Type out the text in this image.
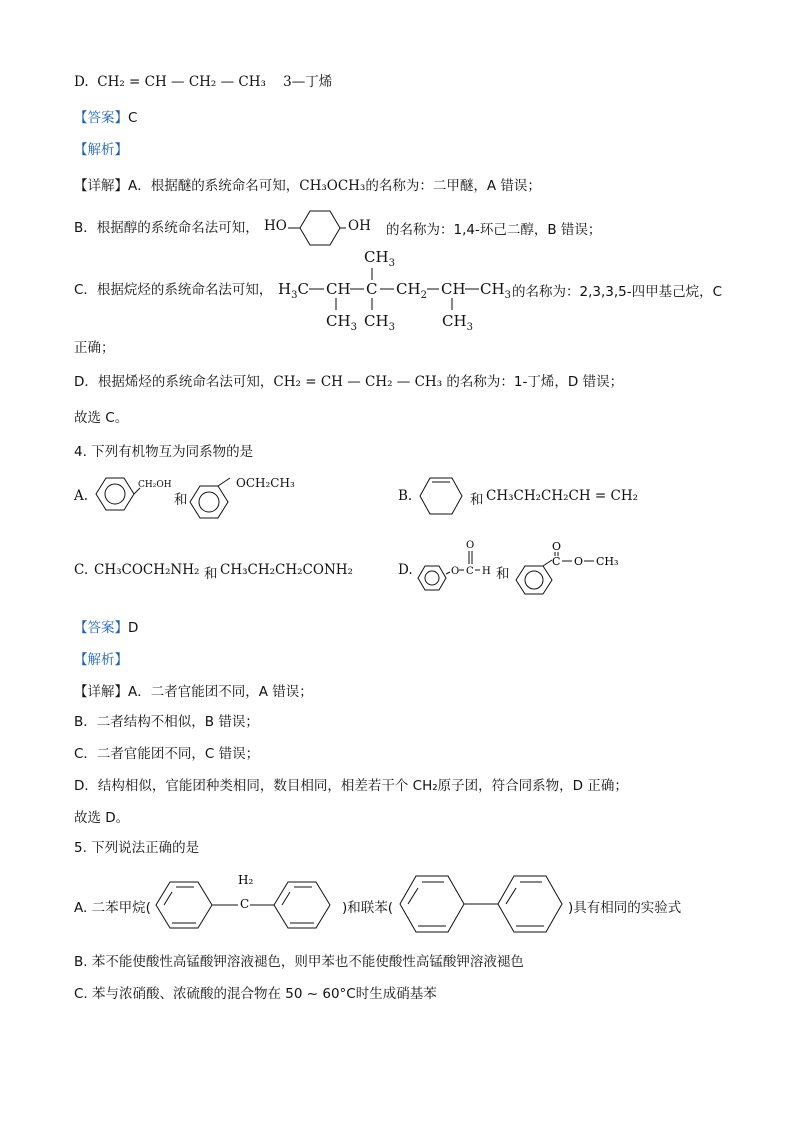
D. CH₂ = CH — CH₂ — CH₃ 3—丁烯
【答案】C
【解析】
【详解】A．根据醚的系统命名可知，CH₃OCH₃的名称为：二甲醚，A 错误；
B．根据醇的系统命名法可知， HO	OH 的名称为：1,4-环己二醇，B 错误；
C．根据烷烃的系统命名法可知， $H_3C$ CH C $CH_2$ CH $CH_3$
$CH_3$
$CH_3$ $CH_3$	$CH_3$
的名称为：2,3,3,5-四甲基己烷，C
正确；
D．根据烯烃的系统命名法可知，CH₂ = CH — CH₂ — CH₃ 的名称为：1-丁烯，D 错误；
故选 C。
4. 下列有机物互为同系物的是
A.
CH₂OH
和
OCH₂CH₃
B.	和 CH₃CH₂CH₂CH = CH₂
C. CH₃COCH₂NH₂ 和 CH₃CH₂CH₂CONH₂	D.	O C
O
H 和
C
O
O CH₃
【答案】D
【解析】
【详解】A．二者官能团不同，A 错误；
B．二者结构不相似，B 错误；
C．二者官能团不同，C 错误；
D．结构相似，官能团种类相同，数目相同，相差若干个 CH₂原子团，符合同系物，D 正确；
故选 D。
5. 下列说法正确的是
A. 二苯甲烷(
H₂
C	)和联苯(	)具有相同的实验式
B. 苯不能使酸性高锰酸钾溶液褪色，则甲苯也不能使酸性高锰酸钾溶液褪色
C. 苯与浓硝酸、浓硫酸的混合物在 50 ~ 60°C时生成硝基苯
